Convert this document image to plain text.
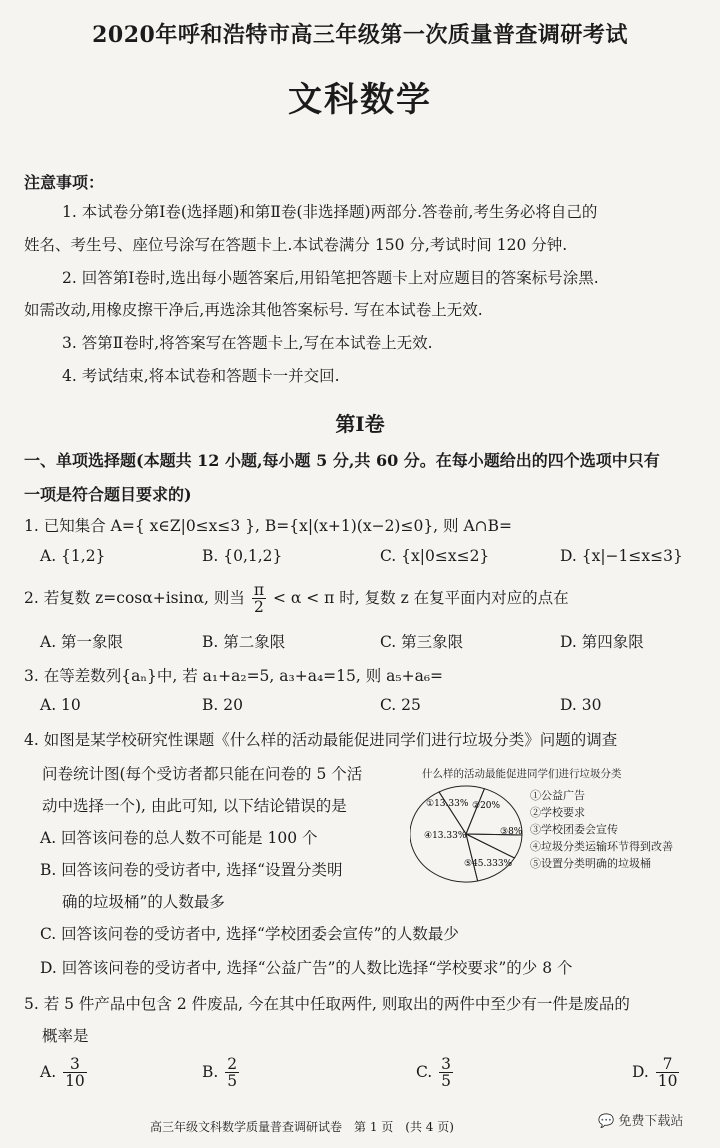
2020年呼和浩特市高三年级第一次质量普查调研考试
文科数学
注意事项：
1. 本试卷分第Ⅰ卷(选择题)和第Ⅱ卷(非选择题)两部分.答卷前,考生务必将自己的
姓名、考生号、座位号涂写在答题卡上.本试卷满分 150 分,考试时间 120 分钟.
2. 回答第Ⅰ卷时,选出每小题答案后,用铅笔把答题卡上对应题目的答案标号涂黑.
如需改动,用橡皮擦干净后,再选涂其他答案标号. 写在本试卷上无效.
3. 答第Ⅱ卷时,将答案写在答题卡上,写在本试卷上无效.
4. 考试结束,将本试卷和答题卡一并交回.
第Ⅰ卷
一、单项选择题(本题共 12 小题,每小题 5 分,共 60 分。在每小题给出的四个选项中只有
一项是符合题目要求的)
1. 已知集合 A={ x∈Z|0≤x≤3 }, B={x|(x+1)(x−2)≤0}, 则 A∩B=
A. {1,2}	B. {0,1,2}	C. {x|0≤x≤2}	D. {x|−1≤x≤3}
2. 若复数 z=cosα+isinα, 则当 $\frac{\pi}{2} < \alpha < \pi$ 时, 复数 z 在复平面内对应的点在
A. 第一象限	B. 第二象限	C. 第三象限	D. 第四象限
3. 在等差数列{aₙ}中, 若 a₁+a₂=5, a₃+a₄=15, 则 a₅+a₆=
A. 10	B. 20	C. 25	D. 30
4. 如图是某学校研究性课题《什么样的活动最能促进同学们进行垃圾分类》问题的调查
问卷统计图(每个受访者都只能在问卷的 5 个活
动中选择一个), 由此可知, 以下结论错误的是
A. 回答该问卷的总人数不可能是 100 个
B. 回答该问卷的受访者中, 选择“设置分类明
确的垃圾桶”的人数最多
C. 回答该问卷的受访者中, 选择“学校团委会宣传”的人数最少
D. 回答该问卷的受访者中, 选择“公益广告”的人数比选择“学校要求”的少 8 个
什么样的活动最能促进同学们进行垃圾分类
①13.33% ②20%
③8%
④13.33%
⑤45.333%
①公益广告
②学校要求
③学校团委会宣传
④垃圾分类运输环节得到改善
⑤设置分类明确的垃圾桶
5. 若 5 件产品中包含 2 件废品, 今在其中任取两件, 则取出的两件中至少有一件是废品的
概率是
A. $\frac{3}{10}$	B. $\frac{2}{5}$	C. $\frac{3}{5}$	D. $\frac{7}{10}$
高三年级文科数学质量普查调研试卷　第 1 页　(共 4 页)	💬 免费下载站
